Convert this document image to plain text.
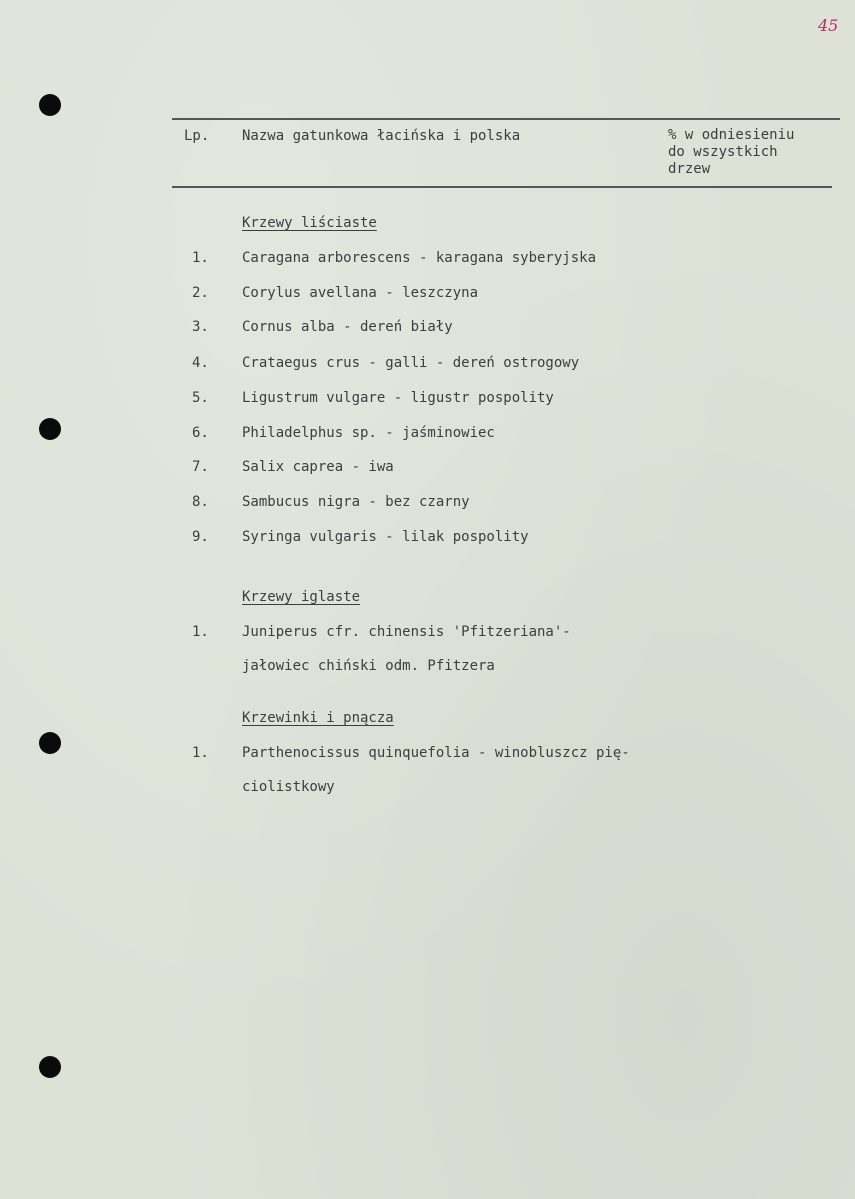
45
Lp. Nazwa gatunkowa łacińska i polska	% w odniesieniu
do wszystkich
drzew
Krzewy liściaste
1. Caragana arborescens - karagana syberyjska
2. Corylus avellana - leszczyna
3. Cornus alba - dereń biały
4. Crataegus crus - galli - dereń ostrogowy
5. Ligustrum vulgare - ligustr pospolity
6. Philadelphus sp. - jaśminowiec
7. Salix caprea - iwa
8. Sambucus nigra - bez czarny
9. Syringa vulgaris - lilak pospolity
Krzewy iglaste
1. Juniperus cfr. chinensis 'Pfitzeriana'-
jałowiec chiński odm. Pfitzera
Krzewinki i pnącza
1. Parthenocissus quinquefolia - winobluszcz pię-
ciolistkowy
